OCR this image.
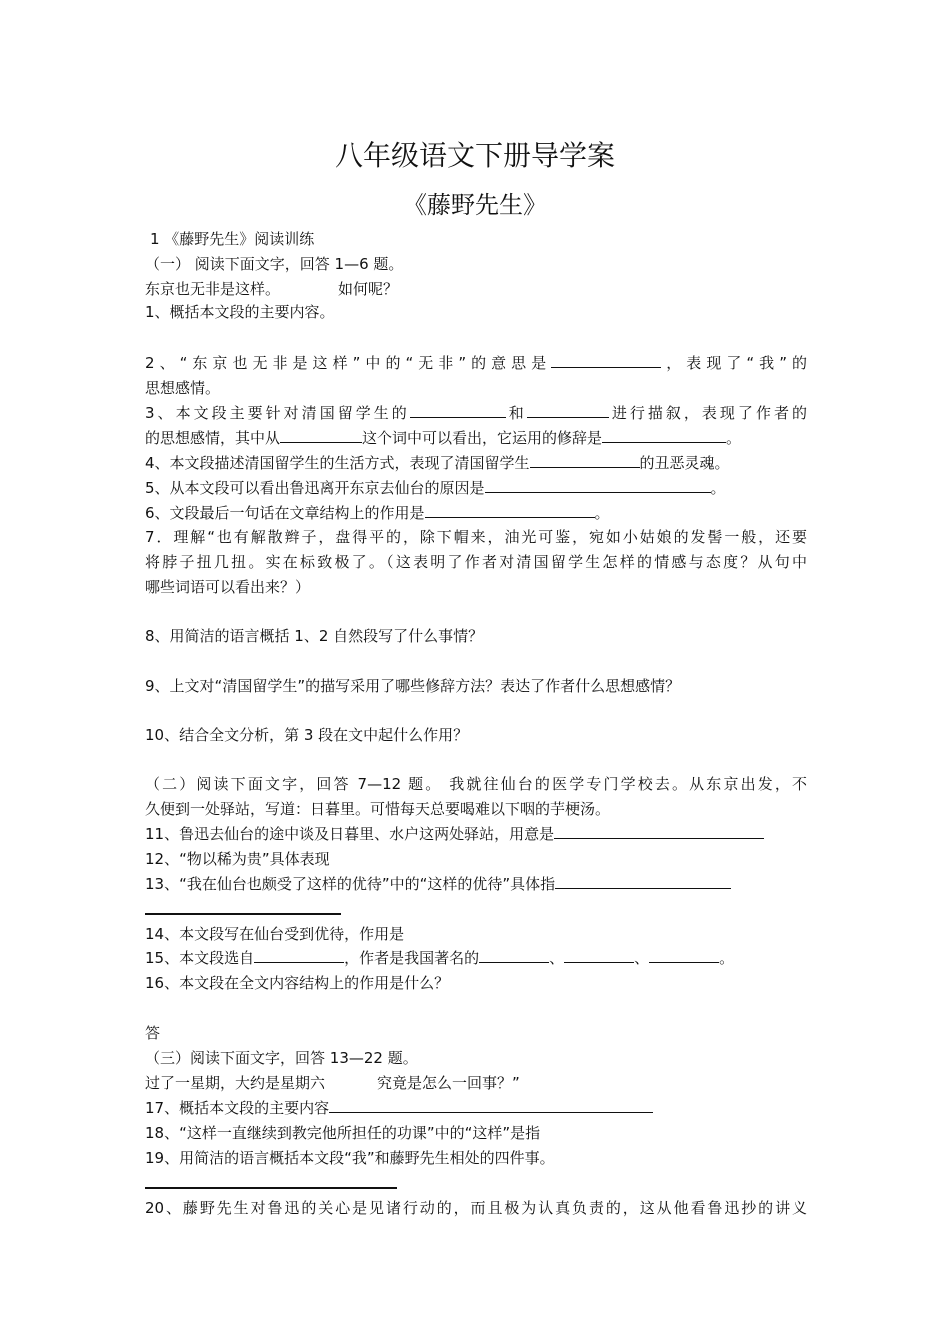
八年级语文下册导学案
《藤野先生》
1 《藤野先生》阅读训练
（一） 阅读下面文字，回答 1—6 题。
东京也无非是这样。	如何呢？
1、概括本文段的主要内容。
2、“东京也无非是这样”中的“无非”的意思是	，表现了“我”的
思想感情。
3、本文段主要针对清国留学生的	和	进行描叙，表现了作者的
的思想感情，其中从	这个词中可以看出，它运用的修辞是	。
4、本文段描述清国留学生的生活方式，表现了清国留学生	的丑恶灵魂。
5、从本文段可以看出鲁迅离开东京去仙台的原因是	。
6、文段最后一句话在文章结构上的作用是	。
7．理解“也有解散辫子，盘得平的，除下帽来，油光可鉴，宛如小姑娘的发髻一般，还要
将脖子扭几扭。实在标致极了。（这表明了作者对清国留学生怎样的情感与态度？从句中
哪些词语可以看出来？）
8、用简洁的语言概括 1、2 自然段写了什么事情？
9、上文对“清国留学生”的描写采用了哪些修辞方法？表达了作者什么思想感情？
10、结合全文分析，第 3 段在文中起什么作用？
（二）阅读下面文字，回答 7—12 题。 我就往仙台的医学专门学校去。从东京出发，不
久便到一处驿站，写道：日暮里。可惜每天总要喝难以下咽的芋梗汤。
11、鲁迅去仙台的途中谈及日暮里、水户这两处驿站，用意是
12、“物以稀为贵”具体表现
13、“我在仙台也颇受了这样的优待”中的“这样的优待”具体指
14、本文段写在仙台受到优待，作用是
15、本文段选自	，作者是我国著名的	、	、	。
16、本文段在全文内容结构上的作用是什么？
答
（三）阅读下面文字，回答 13—22 题。
过了一星期，大约是星期六	究竟是怎么一回事？”
17、概括本文段的主要内容
18、“这样一直继续到教完他所担任的功课”中的“这样”是指
19、用简洁的语言概括本文段“我”和藤野先生相处的四件事。
20、藤野先生对鲁迅的关心是见诸行动的，而且极为认真负责的，这从他看鲁迅抄的讲义
